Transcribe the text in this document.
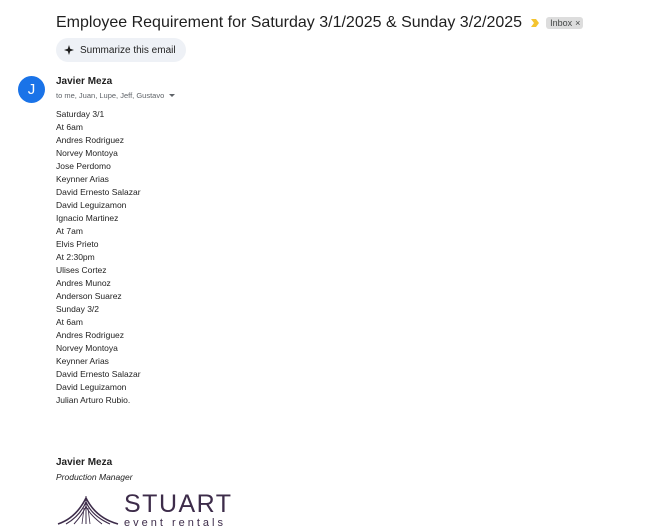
Employee Requirement for Saturday 3/1/2025 & Sunday 3/2/2025	Inbox ×
Summarize this email
J	Javier Meza
to me, Juan, Lupe, Jeff, Gustavo
Saturday 3/1
At 6am
Andres Rodriguez
Norvey Montoya
Jose Perdomo
Keynner Arias
David Ernesto Salazar
David Leguizamon
Ignacio Martinez
At 7am
Elvis Prieto
At 2:30pm
Ulises Cortez
Andres Munoz
Anderson Suarez
Sunday 3/2
At 6am
Andres Rodriguez
Norvey Montoya
Keynner Arias
David Ernesto Salazar
David Leguizamon
Julian Arturo Rubio.
Javier Meza
Production Manager
STUART
event rentals
